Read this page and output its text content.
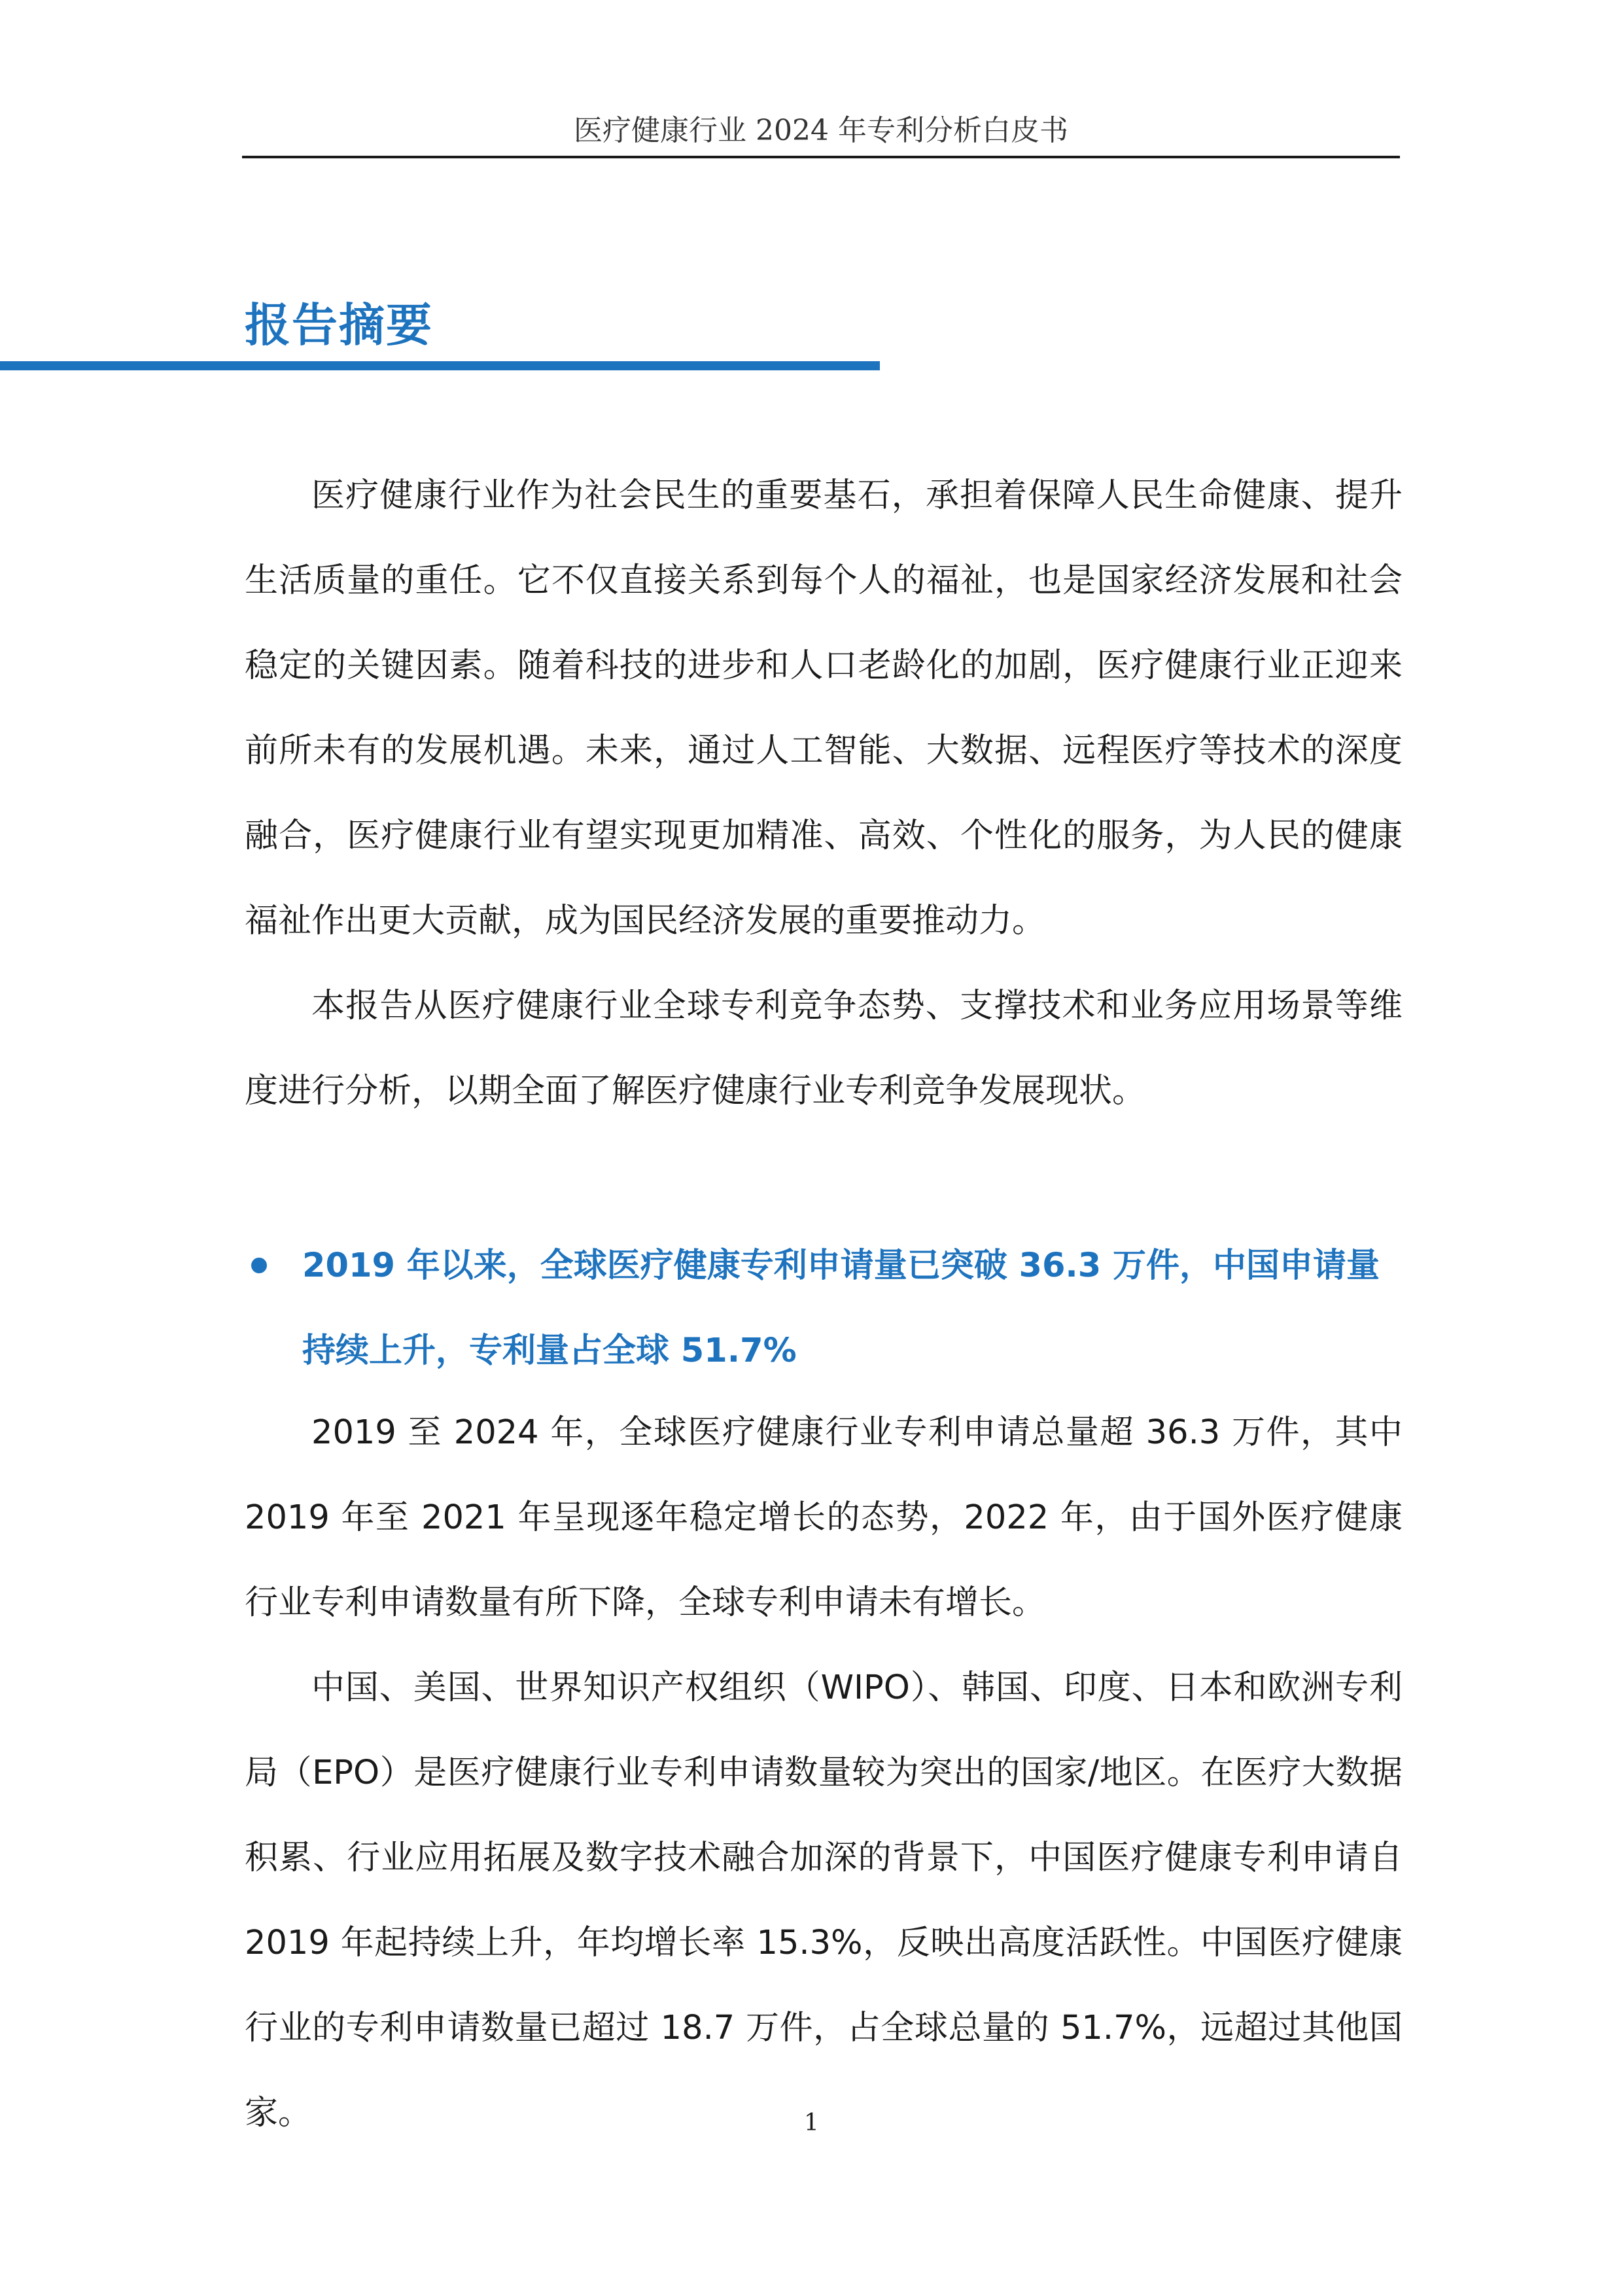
医疗健康行业 2024 年专利分析白皮书
报告摘要

医疗健康行业作为社会民生的重要基石，承担着保障人民生命健康、提升生活质量的重任。它不仅直接关系到每个人的福祉，也是国家经济发展和社会稳定的关键因素。随着科技的进步和人口老龄化的加剧，医疗健康行业正迎来前所未有的发展机遇。未来，通过人工智能、大数据、远程医疗等技术的深度融合，医疗健康行业有望实现更加精准、高效、个性化的服务，为人民的健康福祉作出更大贡献，成为国民经济发展的重要推动力。

本报告从医疗健康行业全球专利竞争态势、支撑技术和业务应用场景等维度进行分析，以期全面了解医疗健康行业专利竞争发展现状。

2019 年以来，全球医疗健康专利申请量已突破 36.3 万件，中国申请量持续上升，专利量占全球 51.7%

2019 至 2024 年，全球医疗健康行业专利申请总量超 36.3 万件，其中 2019 年至 2021 年呈现逐年稳定增长的态势，2022 年，由于国外医疗健康行业专利申请数量有所下降，全球专利申请未有增长。

中国、美国、世界知识产权组织（WIPO）、韩国、印度、日本和欧洲专利局（EPO）是医疗健康行业专利申请数量较为突出的国家/地区。在医疗大数据积累、行业应用拓展及数字技术融合加深的背景下，中国医疗健康专利申请自 2019 年起持续上升，年均增长率 15.3%，反映出高度活跃性。中国医疗健康行业的专利申请数量已超过 18.7 万件，占全球总量的 51.7%，远超过其他国家。	1
